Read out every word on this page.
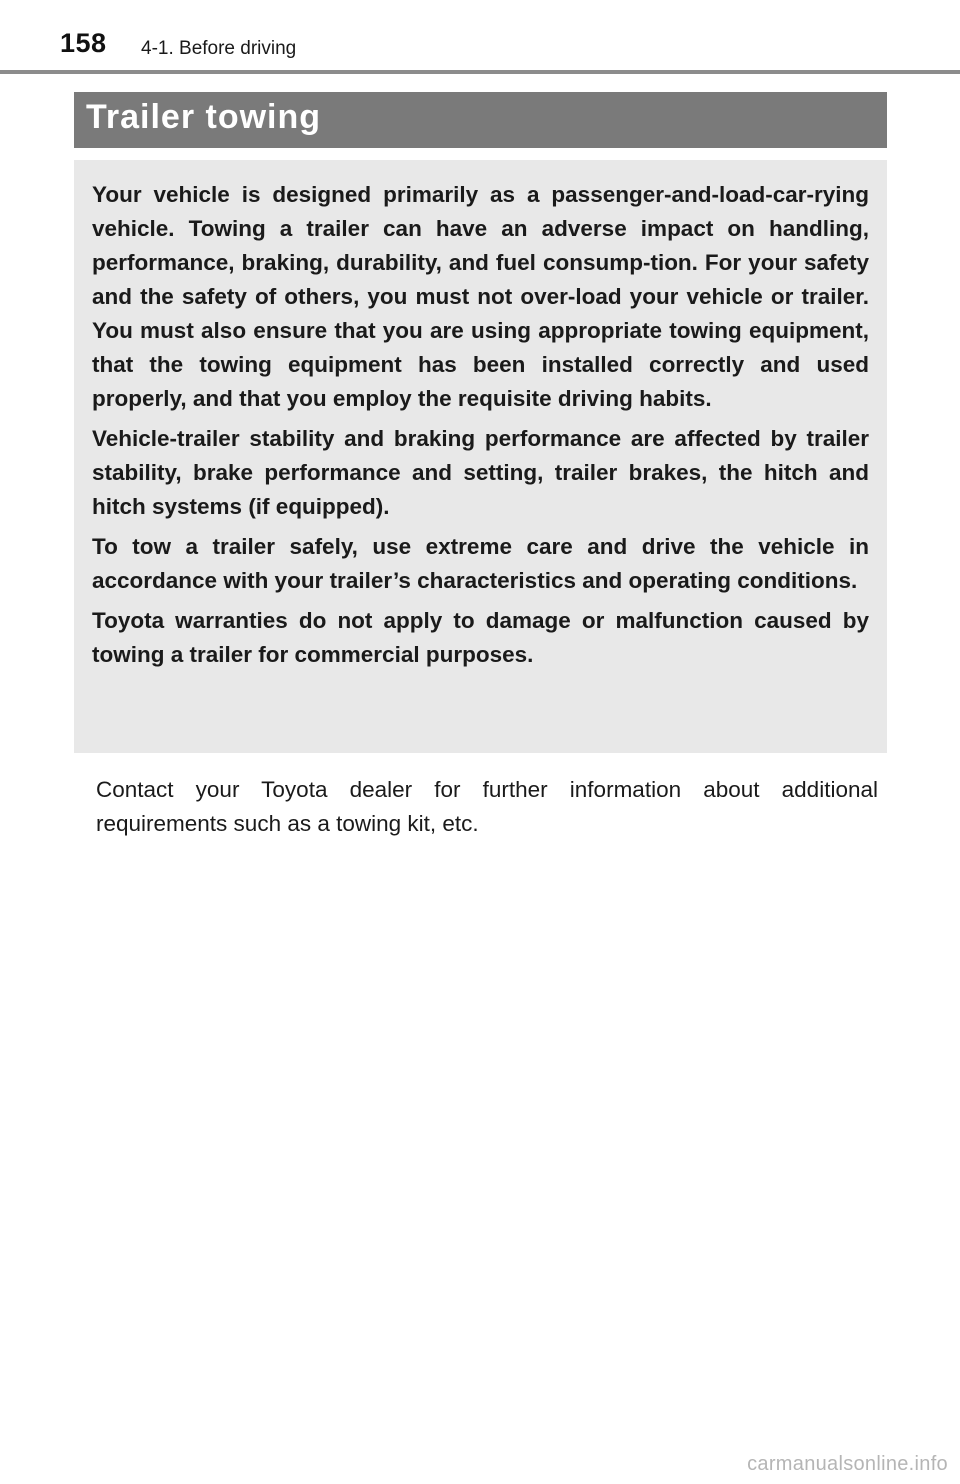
158 4-1. Before driving
Trailer towing

Your vehicle is designed primarily as a passenger-and-load-car-rying vehicle. Towing a trailer can have an adverse impact on handling, performance, braking, durability, and fuel consump-tion. For your safety and the safety of others, you must not over-load your vehicle or trailer. You must also ensure that you are using appropriate towing equipment, that the towing equipment has been installed correctly and used properly, and that you employ the requisite driving habits.

Vehicle-trailer stability and braking performance are affected by trailer stability, brake performance and setting, trailer brakes, the hitch and hitch systems (if equipped).

To tow a trailer safely, use extreme care and drive the vehicle in accordance with your trailer’s characteristics and operating conditions.

Toyota warranties do not apply to damage or malfunction caused by towing a trailer for commercial purposes.

Contact your Toyota dealer for further information about additional requirements such as a towing kit, etc.

carmanualsonline.info
